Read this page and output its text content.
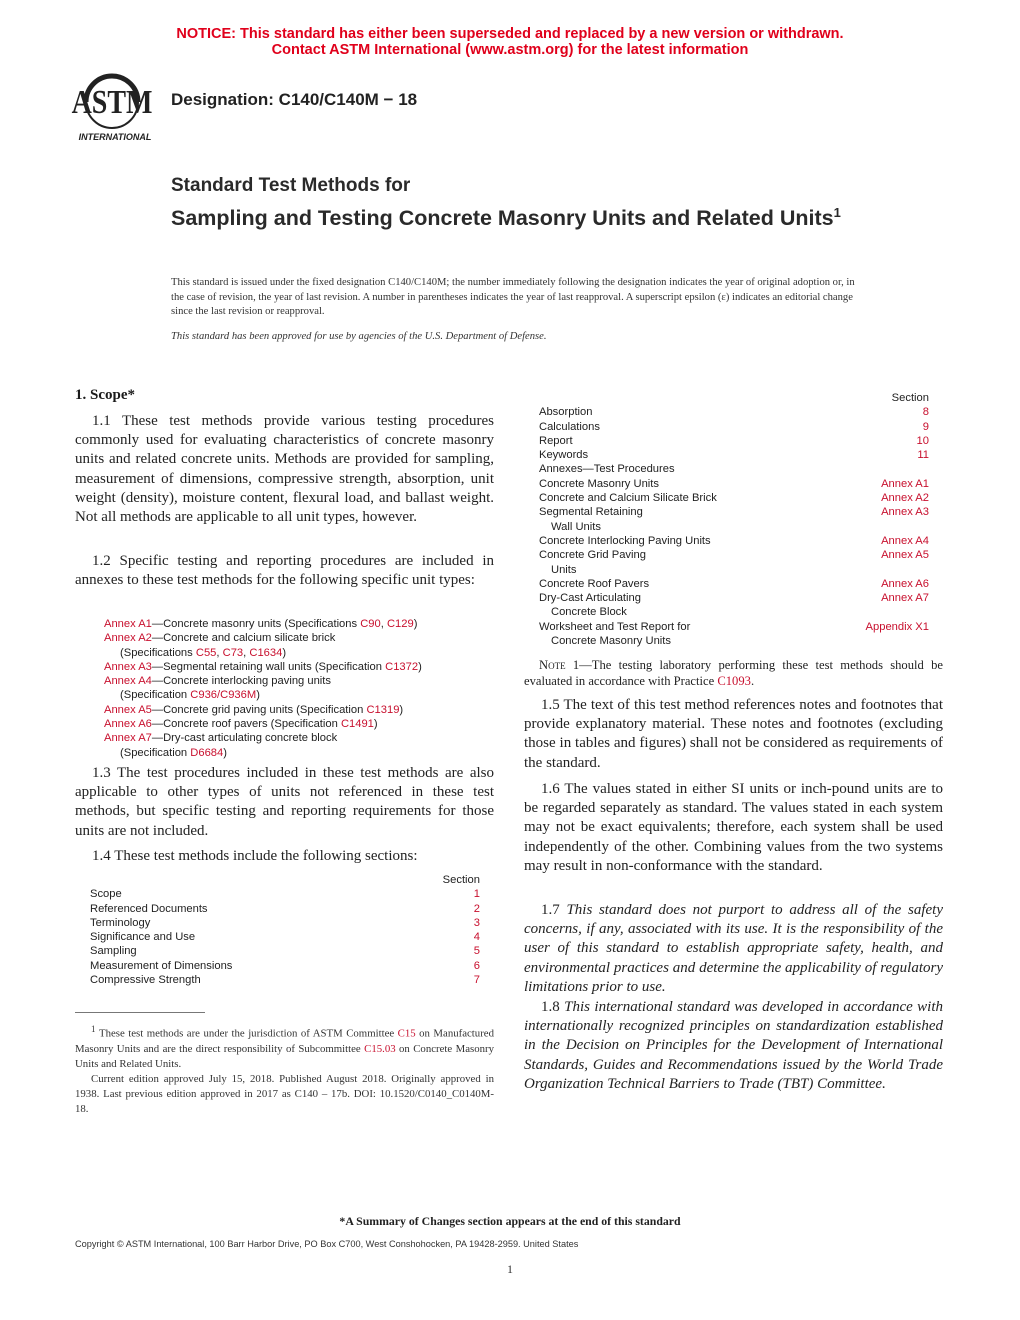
NOTICE: This standard has either been superseded and replaced by a new version or withdrawn.
Contact ASTM International (www.astm.org) for the latest information
ASTM
INTERNATIONAL
Designation: C140/C140M − 18
Standard Test Methods for
Sampling and Testing Concrete Masonry Units and Related Units$^1$
This standard is issued under the fixed designation C140/C140M; the number immediately following the designation indicates the year of original adoption or, in the case of revision, the year of last revision. A number in parentheses indicates the year of last reapproval. A superscript epsilon (ε) indicates an editorial change since the last revision or reapproval.
This standard has been approved for use by agencies of the U.S. Department of Defense.
1. Scope*

1.1 These test methods provide various testing procedures commonly used for evaluating characteristics of concrete masonry units and related concrete units. Methods are provided for sampling, measurement of dimensions, compressive strength, absorption, unit weight (density), moisture content, flexural load, and ballast weight. Not all methods are applicable to all unit types, however.

1.2 Specific testing and reporting procedures are included in annexes to these test methods for the following specific unit types:

Annex A1—Concrete masonry units (Specifications C90, C129)
Annex A2—Concrete and calcium silicate brick
(Specifications C55, C73, C1634)
Annex A3—Segmental retaining wall units (Specification C1372)
Annex A4—Concrete interlocking paving units
(Specification C936/C936M)
Annex A5—Concrete grid paving units (Specification C1319)
Annex A6—Concrete roof pavers (Specification C1491)
Annex A7—Dry-cast articulating concrete block
(Specification D6684)

1.3 The test procedures included in these test methods are also applicable to other types of units not referenced in these test methods, but specific testing and reporting requirements for those units are not included.

1.4 These test methods include the following sections:

Section
Scope	1
Referenced Documents	2
Terminology	3
Significance and Use	4
Sampling	5
Measurement of Dimensions	6
Compressive Strength	7

$^1$ These test methods are under the jurisdiction of ASTM Committee C15 on Manufactured Masonry Units and are the direct responsibility of Subcommittee C15.03 on Concrete Masonry Units and Related Units.

Current edition approved July 15, 2018. Published August 2018. Originally approved in 1938. Last previous edition approved in 2017 as C140 – 17b. DOI: 10.1520/C0140_C0140M-18.

Section
Absorption	8
Calculations	9
Report	10
Keywords	11
Annexes—Test Procedures
Concrete Masonry Units	Annex A1
Concrete and Calcium Silicate Brick	Annex A2
Segmental Retaining	Annex A3
Wall Units
Concrete Interlocking Paving Units	Annex A4
Concrete Grid Paving	Annex A5
Units
Concrete Roof Pavers	Annex A6
Dry-Cast Articulating	Annex A7
Concrete Block
Worksheet and Test Report for	Appendix X1
Concrete Masonry Units
Note 1—The testing laboratory performing these test methods should be evaluated in accordance with Practice C1093.

1.5 The text of this test method references notes and footnotes that provide explanatory material. These notes and footnotes (excluding those in tables and figures) shall not be considered as requirements of the standard.

1.6 The values stated in either SI units or inch-pound units are to be regarded separately as standard. The values stated in each system may not be exact equivalents; therefore, each system shall be used independently of the other. Combining values from the two systems may result in non-conformance with the standard.

1.7 This standard does not purport to address all of the safety concerns, if any, associated with its use. It is the responsibility of the user of this standard to establish appropriate safety, health, and environmental practices and determine the applicability of regulatory limitations prior to use.

1.8 This international standard was developed in accordance with internationally recognized principles on standardization established in the Decision on Principles for the Development of International Standards, Guides and Recommendations issued by the World Trade Organization Technical Barriers to Trade (TBT) Committee.

*A Summary of Changes section appears at the end of this standard
Copyright © ASTM International, 100 Barr Harbor Drive, PO Box C700, West Conshohocken, PA 19428-2959. United States
1
